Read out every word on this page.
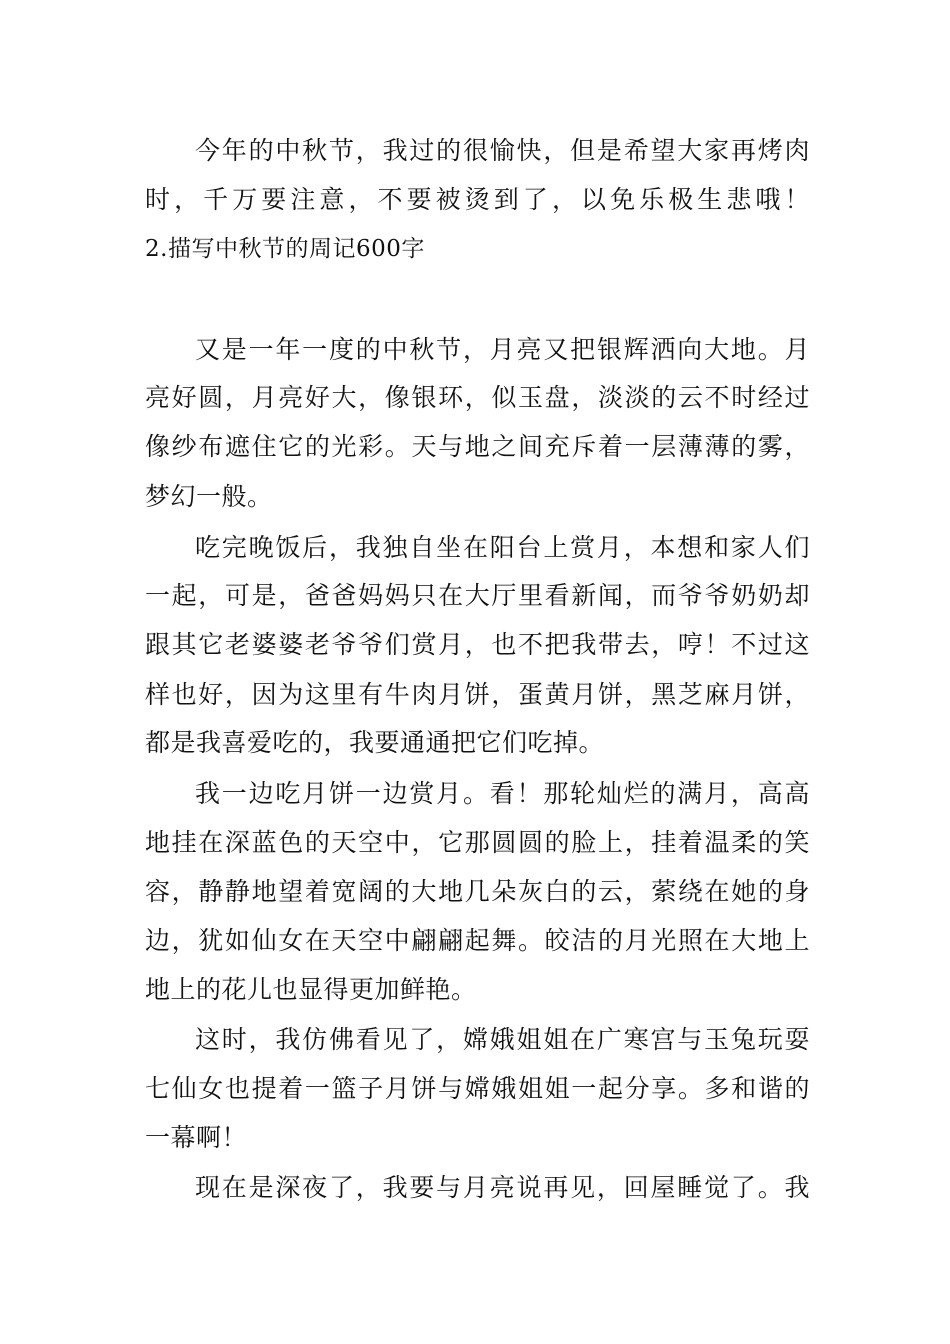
今年的中秋节，我过的很愉快，但是希望大家再烤肉
时，千万要注意，不要被烫到了，以免乐极生悲哦！
2.描写中秋节的周记600字
又是一年一度的中秋节，月亮又把银辉洒向大地。月
亮好圆，月亮好大，像银环，似玉盘，淡淡的云不时经过
像纱布遮住它的光彩。天与地之间充斥着一层薄薄的雾，
梦幻一般。
吃完晚饭后，我独自坐在阳台上赏月，本想和家人们
一起，可是，爸爸妈妈只在大厅里看新闻，而爷爷奶奶却
跟其它老婆婆老爷爷们赏月，也不把我带去，哼！不过这
样也好，因为这里有牛肉月饼，蛋黄月饼，黑芝麻月饼，
都是我喜爱吃的，我要通通把它们吃掉。
我一边吃月饼一边赏月。看！那轮灿烂的满月，高高
地挂在深蓝色的天空中，它那圆圆的脸上，挂着温柔的笑
容，静静地望着宽阔的大地几朵灰白的云，萦绕在她的身
边，犹如仙女在天空中翩翩起舞。皎洁的月光照在大地上
地上的花儿也显得更加鲜艳。
这时，我仿佛看见了，嫦娥姐姐在广寒宫与玉兔玩耍
七仙女也提着一篮子月饼与嫦娥姐姐一起分享。多和谐的
一幕啊！
现在是深夜了，我要与月亮说再见，回屋睡觉了。我
